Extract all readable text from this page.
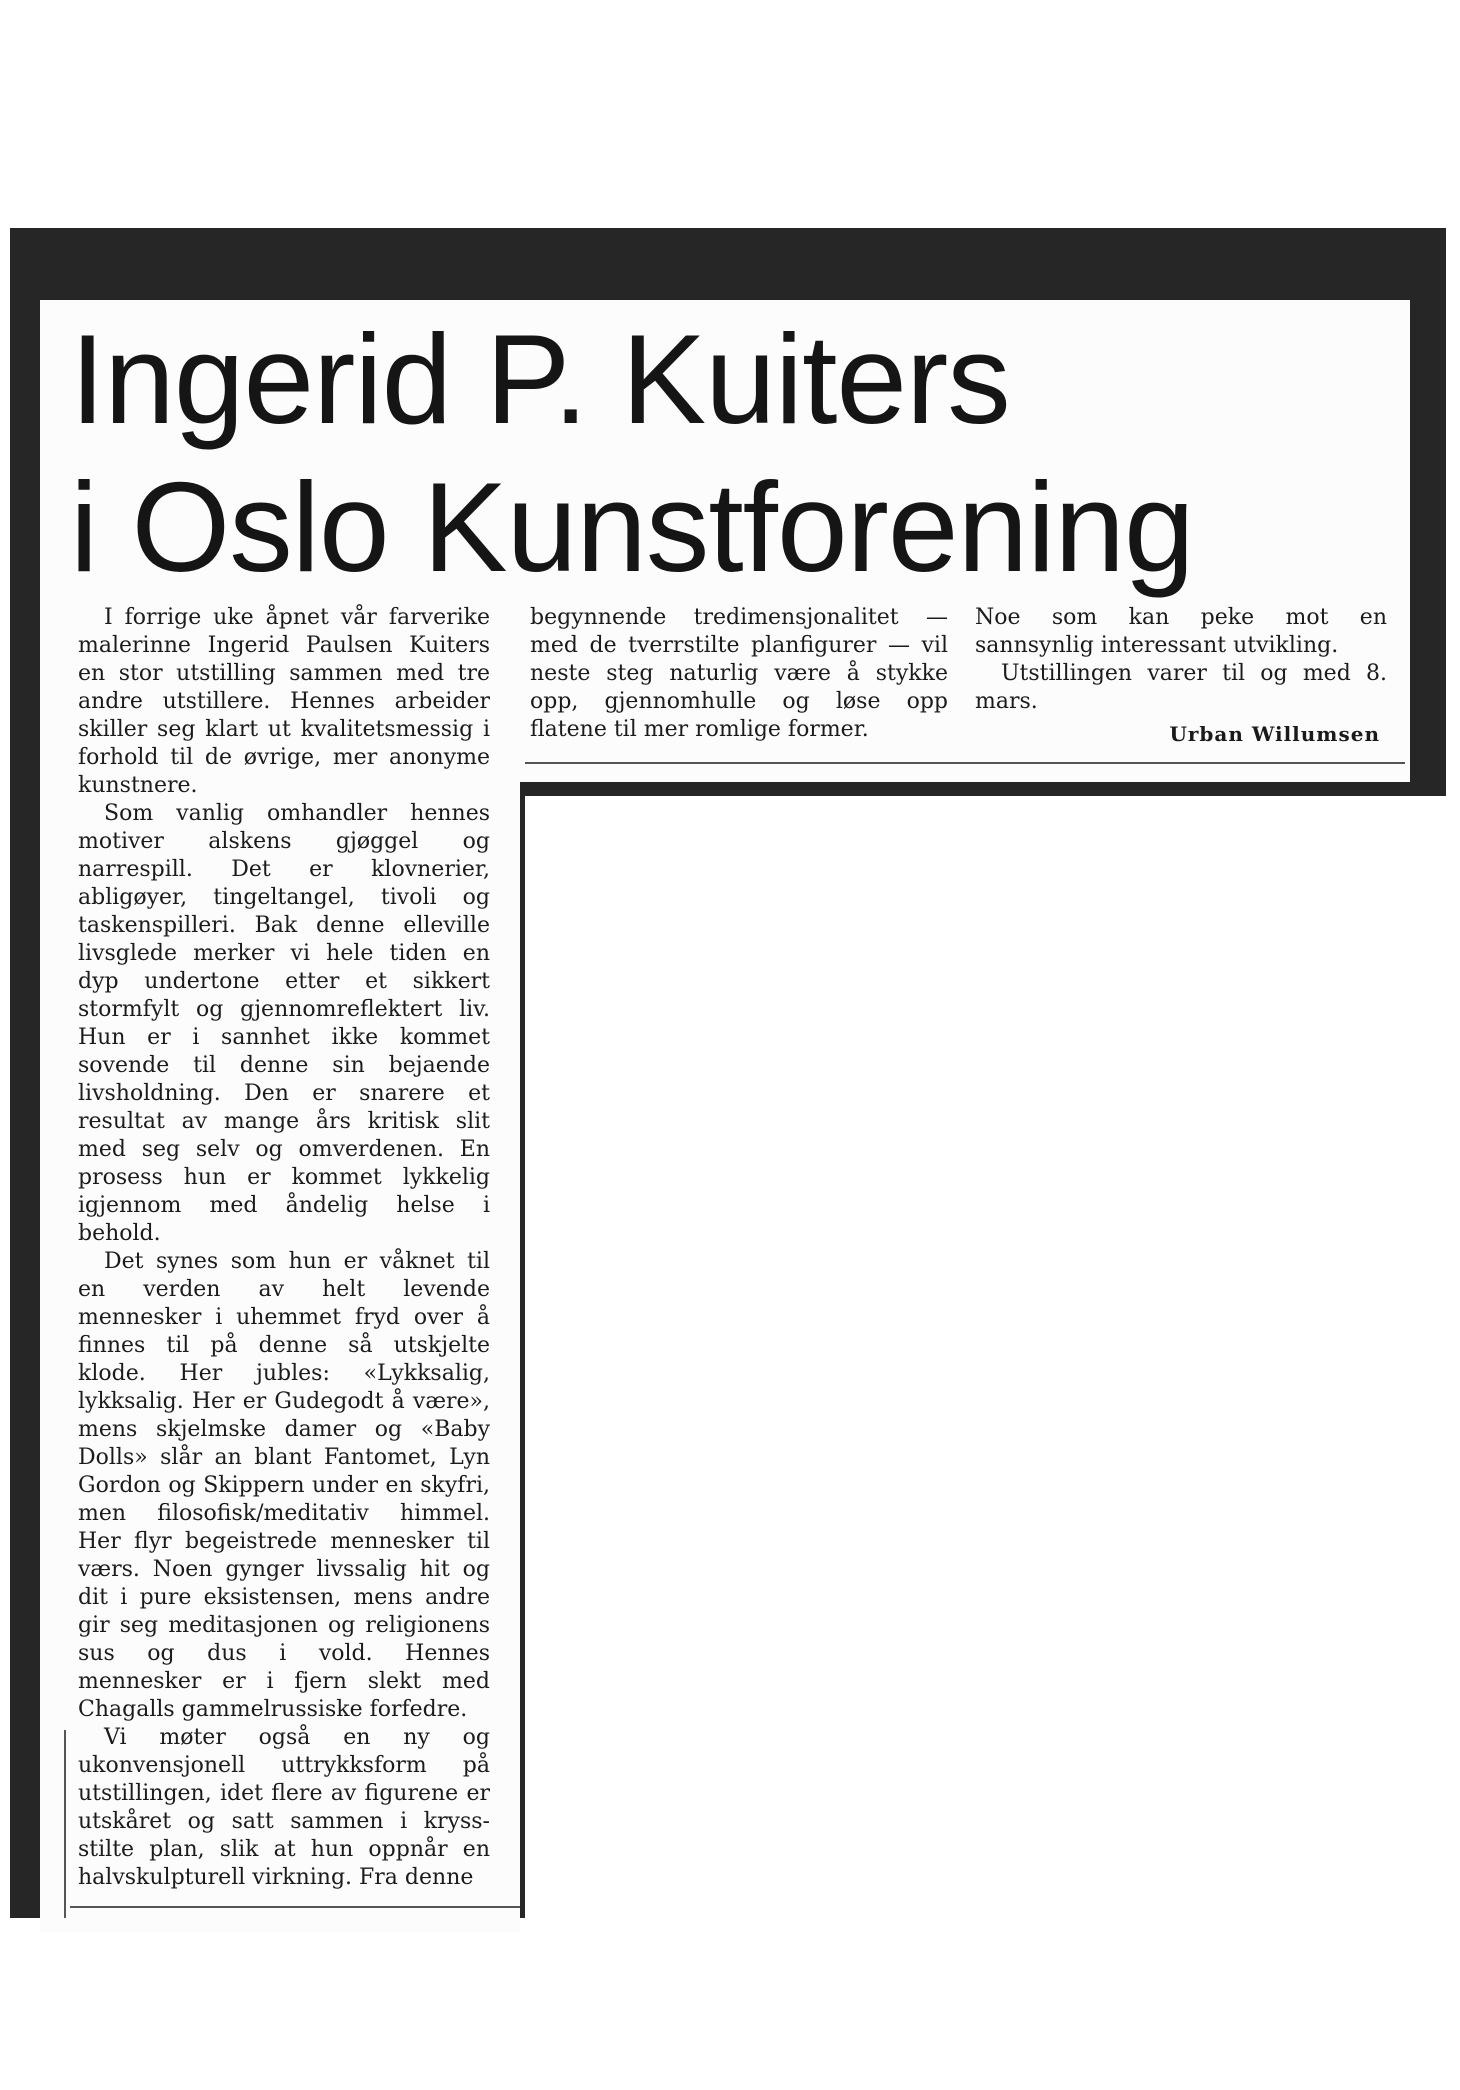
Ingerid P. Kuiters
i Oslo Kunstforening

I forrige uke åpnet vår farverike malerinne Ingerid Paulsen Kuiters en stor utstilling sammen med tre andre utstillere. Hennes arbeider skiller seg klart ut kvalitetsmessig i forhold til de øvrige, mer anonyme kunstnere.

Som vanlig omhandler hennes motiver alskens gjøggel og narrespill. Det er klovnerier, abligøyer, tingeltangel, tivoli og taskenspilleri. Bak denne elleville livsglede merker vi hele tiden en dyp undertone etter et sikkert stormfylt og gjennomreflektert liv. Hun er i sannhet ikke kommet sovende til denne sin bejaende livsholdning. Den er snarere et resultat av mange års kritisk slit med seg selv og omverdenen. En prosess hun er kommet lykkelig igjennom med åndelig helse i behold.

Det synes som hun er våknet til en verden av helt levende mennesker i uhemmet fryd over å finnes til på denne så utskjelte klode. Her jubles: «Lykksalig, lykksalig. Her er Gudegodt å være», mens skjelmske damer og «Baby Dolls» slår an blant Fantomet, Lyn Gordon og Skippern under en skyfri, men filosofisk/meditativ himmel. Her flyr begeistrede mennesker til værs. Noen gynger livssalig hit og dit i pure eksistensen, mens andre gir seg meditasjonen og religionens sus og dus i vold. Hennes mennesker er i fjern slekt med Chagalls gammelrussiske forfedre.

Vi møter også en ny og ukonvensjonell uttrykksform på utstillingen, idet flere av figurene er utskåret og satt sammen i kryss-stilte plan, slik at hun oppnår en halvskulpturell virkning. Fra denne

begynnende tredimensjonalitet — med de tverrstilte planfigurer — vil neste steg naturlig være å stykke opp, gjennomhulle og løse opp flatene til mer romlige former.

Noe som kan peke mot en sannsynlig interessant utvikling.

Utstillingen varer til og med 8. mars.

Urban Willumsen
